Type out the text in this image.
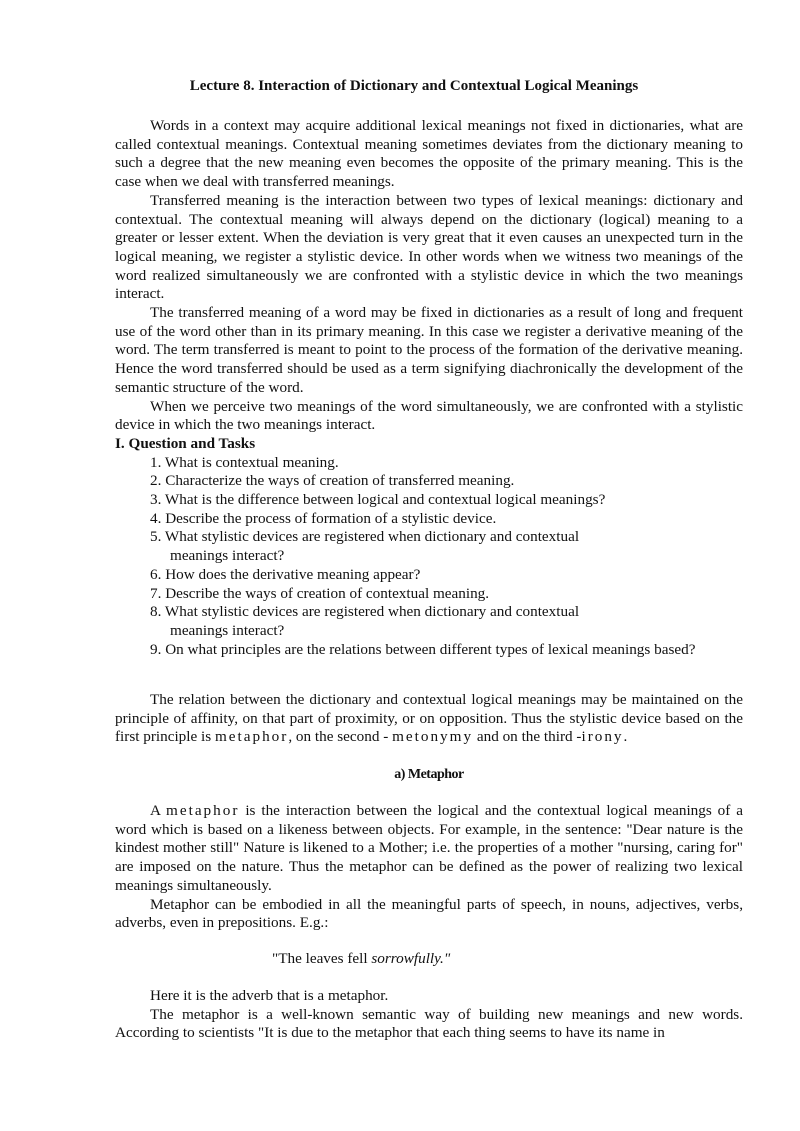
Lecture 8. Interaction of Dictionary and Contextual Logical Meanings

Words in a context may acquire additional lexical meanings not fixed in dictionaries, what are called contextual meanings. Contextual meaning sometimes deviates from the dictionary meaning to such a degree that the new meaning even becomes the opposite of the primary meaning. This is the case when we deal with transferred meanings.

Transferred meaning is the interaction between two types of lexical meanings: dictionary and contextual. The contextual meaning will always depend on the dictionary (logical) meaning to a greater or lesser extent. When the deviation is very great that it even causes an unexpected turn in the logical meaning, we register a stylistic device. In other words when we witness two meanings of the word realized simultaneously we are confronted with a stylistic device in which the two meanings interact.

The transferred meaning of a word may be fixed in dictionaries as a result of long and frequent use of the word other than in its primary meaning. In this case we register a derivative meaning of the word. The term transferred is meant to point to the process of the formation of the derivative meaning. Hence the word transferred should be used as a term signifying diachronically the development of the semantic structure of the word.

When we perceive two meanings of the word simultaneously, we are confronted with a stylistic device in which the two meanings interact.

I. Question and Tasks
1. What is contextual meaning.
2. Characterize the ways of creation of transferred meaning.
3. What is the difference between logical and contextual logical meanings?
4. Describe the process of formation of a stylistic device.
5. What stylistic devices are registered when dictionary and contextual
meanings interact?
6. How does the derivative meaning appear?
7. Describe the ways of creation of contextual meaning.
8. What stylistic devices are registered when dictionary and contextual
meanings interact?
9. On what principles are the relations between different types of lexical meanings based?

The relation between the dictionary and contextual logical meanings may be maintained on the principle of affinity, on that part of proximity, or on opposition. Thus the stylistic device based on the first principle is metaphor, on the second - metonymy and on the third -irony.

a) Metaphor

A metaphor is the interaction between the logical and the contextual logical meanings of a word which is based on a likeness between objects. For example, in the sentence: "Dear nature is the kindest mother still" Nature is likened to a Mother; i.e. the properties of a mother "nursing, caring for" are imposed on the nature. Thus the metaphor can be defined as the power of realizing two lexical meanings simultaneously.

Metaphor can be embodied in all the meaningful parts of speech, in nouns, adjectives, verbs, adverbs, even in prepositions. E.g.:

"The leaves fell sorrowfully."

Here it is the adverb that is a metaphor.

The metaphor is a well-known semantic way of building new meanings and new words. According to scientists "It is due to the metaphor that each thing seems to have its name in
